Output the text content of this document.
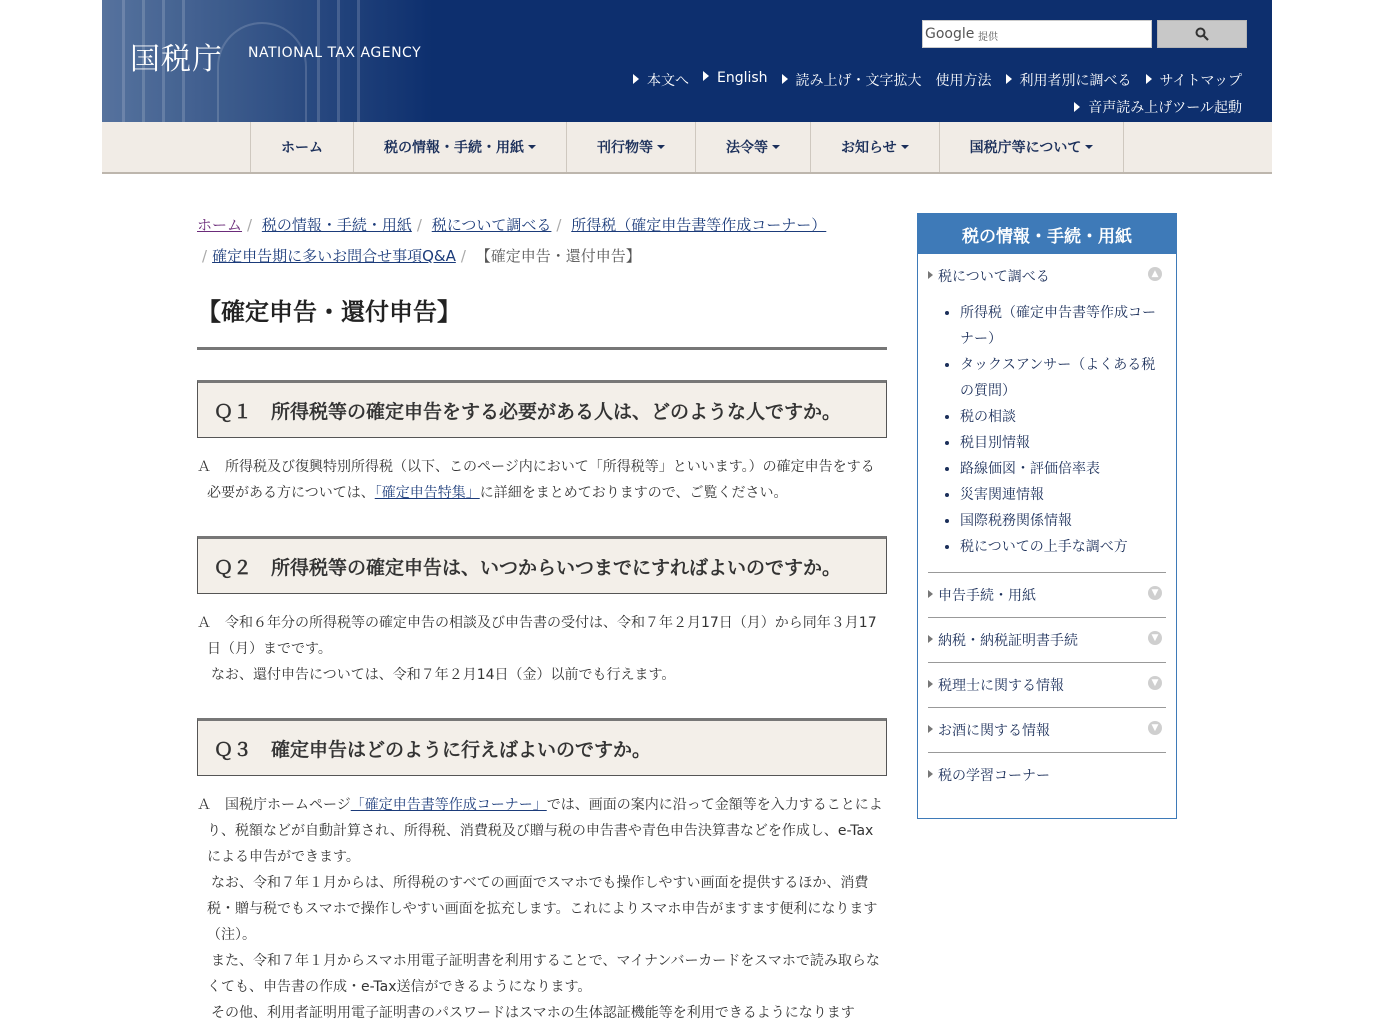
国税庁 NATIONAL TAX AGENCY
Google 提供
本文へ	English	読み上げ・文字拡大 使用方法	利用者別に調べる	サイトマップ
音声読み上げツール起動
ホーム	税の情報・手続・用紙	刊行物等	法令等	お知らせ	国税庁等について
ホーム / 税の情報・手続・用紙 / 税について調べる / 所得税（確定申告書等作成コーナー）
/ 確定申告期に多いお問合せ事項Q&A / 【確定申告・還付申告】
【確定申告・還付申告】
Ｑ１　所得税等の確定申告をする必要がある人は、どのような人ですか。

Ａ　所得税及び復興特別所得税（以下、このページ内において「所得税等」といいます。）の確定申告をする必要がある方については、「確定申告特集」に詳細をまとめておりますので、ご覧ください。

Ｑ２　所得税等の確定申告は、いつからいつまでにすればよいのですか。

Ａ　令和６年分の所得税等の確定申告の相談及び申告書の受付は、令和７年２月17日（月）から同年３月17日（月）までです。

　なお、還付申告については、令和７年２月14日（金）以前でも行えます。

Ｑ３　確定申告はどのように行えばよいのですか。

Ａ　国税庁ホームページ「確定申告書等作成コーナー」では、画面の案内に沿って金額等を入力することにより、税額などが自動計算され、所得税、消費税及び贈与税の申告書や青色申告決算書などを作成し、e-Taxによる申告ができます。

　なお、令和７年１月からは、所得税のすべての画面でスマホでも操作しやすい画面を提供するほか、消費税・贈与税でもスマホで操作しやすい画面を拡充します。これによりスマホ申告がますます便利になります（注）。

　また、令和７年１月からスマホ用電子証明書を利用することで、マイナンバーカードをスマホで読み取らなくても、申告書の作成・e-Tax送信ができるようになります。

　その他、利用者証明用電子証明書のパスワードはスマホの生体認証機能等を利用できるようになります

税の情報・手続・用紙
税について調べる	▲
• 所得税（確定申告書等作成コーナー）
• タックスアンサー（よくある税の質問）
• 税の相談
• 税目別情報
• 路線価図・評価倍率表
• 災害関連情報
• 国際税務関係情報
• 税についての上手な調べ方
申告手続・用紙	▼
納税・納税証明書手続	▼
税理士に関する情報	▼
お酒に関する情報	▼
税の学習コーナー
